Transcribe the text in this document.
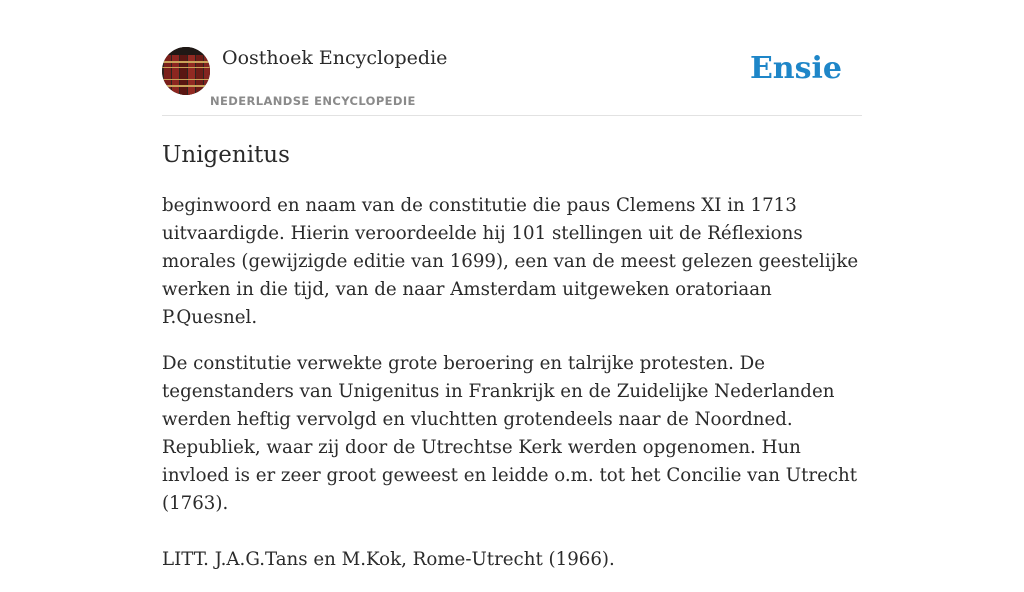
Oosthoek Encyclopedie
NEDERLANDSE ENCYCLOPEDIE
Ensie
Unigenitus

beginwoord en naam van de constitutie die paus Clemens XI in 1713 uitvaardigde. Hierin veroordeelde hij 101 stellingen uit de Réflexions morales (gewijzigde editie van 1699), een van de meest gelezen geestelijke werken in die tijd, van de naar Amsterdam uitgeweken oratoriaan P.Quesnel.

De constitutie verwekte grote beroering en talrijke protesten. De tegenstanders van Unigenitus in Frankrijk en de Zuidelijke Nederlanden werden heftig vervolgd en vluchtten grotendeels naar de Noordned. Republiek, waar zij door de Utrechtse Kerk werden opgenomen. Hun invloed is er zeer groot geweest en leidde o.m. tot het Concilie van Utrecht (1763).

LITT. J.A.G.Tans en M.Kok, Rome-Utrecht (1966).
